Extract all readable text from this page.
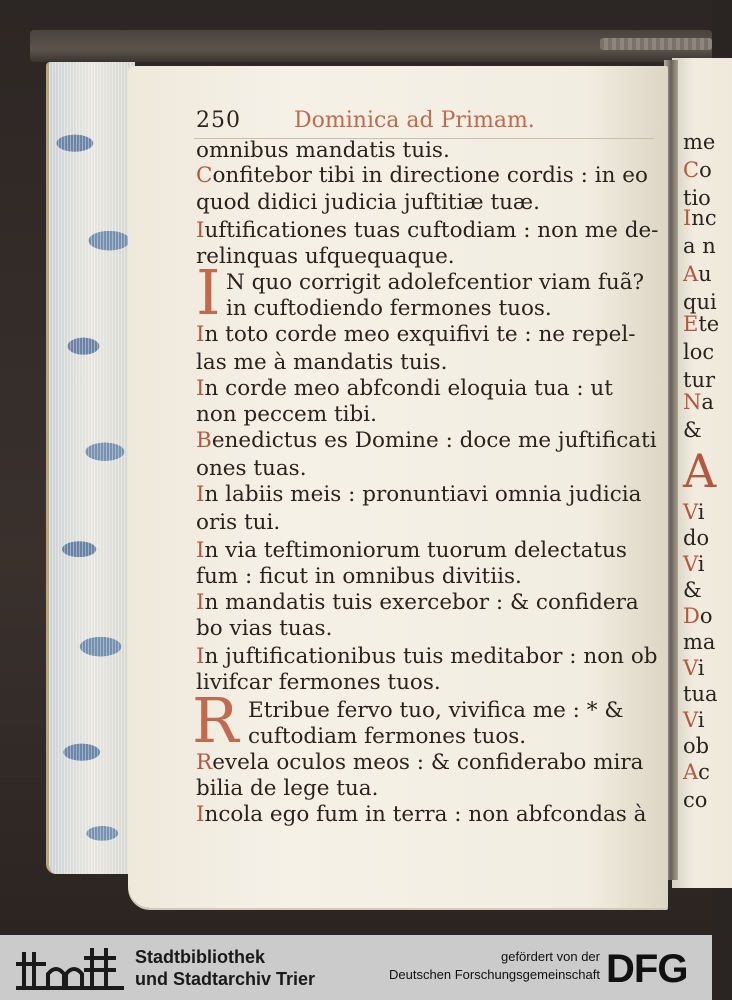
250 Dominica ad Primam.
omnibus mandatis tuis.
Confitebor tibi in directione cordis : in eo
quod didici judicia juftitiæ tuæ.
Iuftificationes tuas cuftodiam : non me de-
relinquas ufquequaque.
N quo corrigit adolefcentior viam fuã?
in cuftodiendo fermones tuos.
In toto corde meo exquifivi te : ne repel-
las me à mandatis tuis.
In corde meo abfcondi eloquia tua : ut
non peccem tibi.
Benedictus es Domine : doce me juftificati
ones tuas.
In labiis meis : pronuntiavi omnia judicia
oris tui.
In via teftimoniorum tuorum delectatus
fum : ficut in omnibus divitiis.
In mandatis tuis exercebor : & confidera
bo vias tuas.
In juftificationibus tuis meditabor : non ob
livifcar fermones tuos.
Etribue fervo tuo, vivifica me : * &
cuftodiam fermones tuos.
Revela oculos meos : & confiderabo mira
bilia de lege tua.
Incola ego fum in terra : non abfcondas à
I
R
me
Co
tio
Inc
a n
Au
qui
Ete
loc
tur
Na
&
A
Vi
do
Vi
&
Do
ma
Vi
tua
Vi
ob
Ac
co
Stadtbibliothek
und Stadtarchiv Trier
gefördert von der
Deutschen Forschungsgemeinschaft DFG
